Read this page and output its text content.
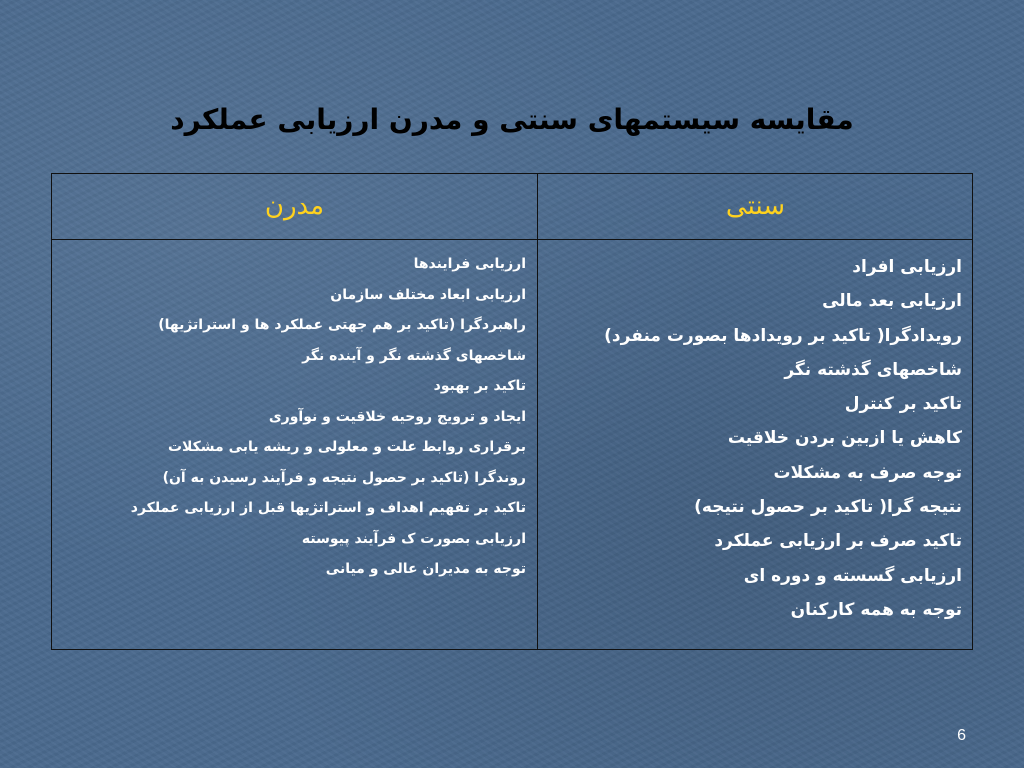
مقایسه سیستمهای سنتی و مدرن ارزیابی عملکرد
سنتی
مدرن
ارزیابی افراد
ارزیابی بعد مالی
رویدادگرا( تاکید بر رویدادها بصورت منفرد)
شاخصهای گذشته نگر
تاکید بر کنترل
کاهش یا ازبین بردن خلاقیت
توجه صرف به مشکلات
نتیجه گرا( تاکید بر حصول نتیجه)
تاکید صرف بر ارزیابی عملکرد
ارزیابی گسسته و دوره ای
توجه به همه کارکنان
ارزیابی فرایندها
ارزیابی ابعاد مختلف سازمان
راهبردگرا (تاکید بر هم جهتی عملکرد ها و استراتژیها)
شاخصهای گذشته نگر و آینده نگر
تاکید بر بهبود
ایجاد و ترویج روحیه خلاقیت و نوآوری
برقراری روابط علت و معلولی و ریشه یابی مشکلات
روندگرا (تاکید بر حصول نتیجه و فرآیند رسیدن به آن)
تاکید بر تفهیم اهداف و استراتژیها قبل از ارزیابی عملکرد
ارزیابی بصورت ک فرآیند پیوسته
توجه به مدیران عالی و میانی
6
